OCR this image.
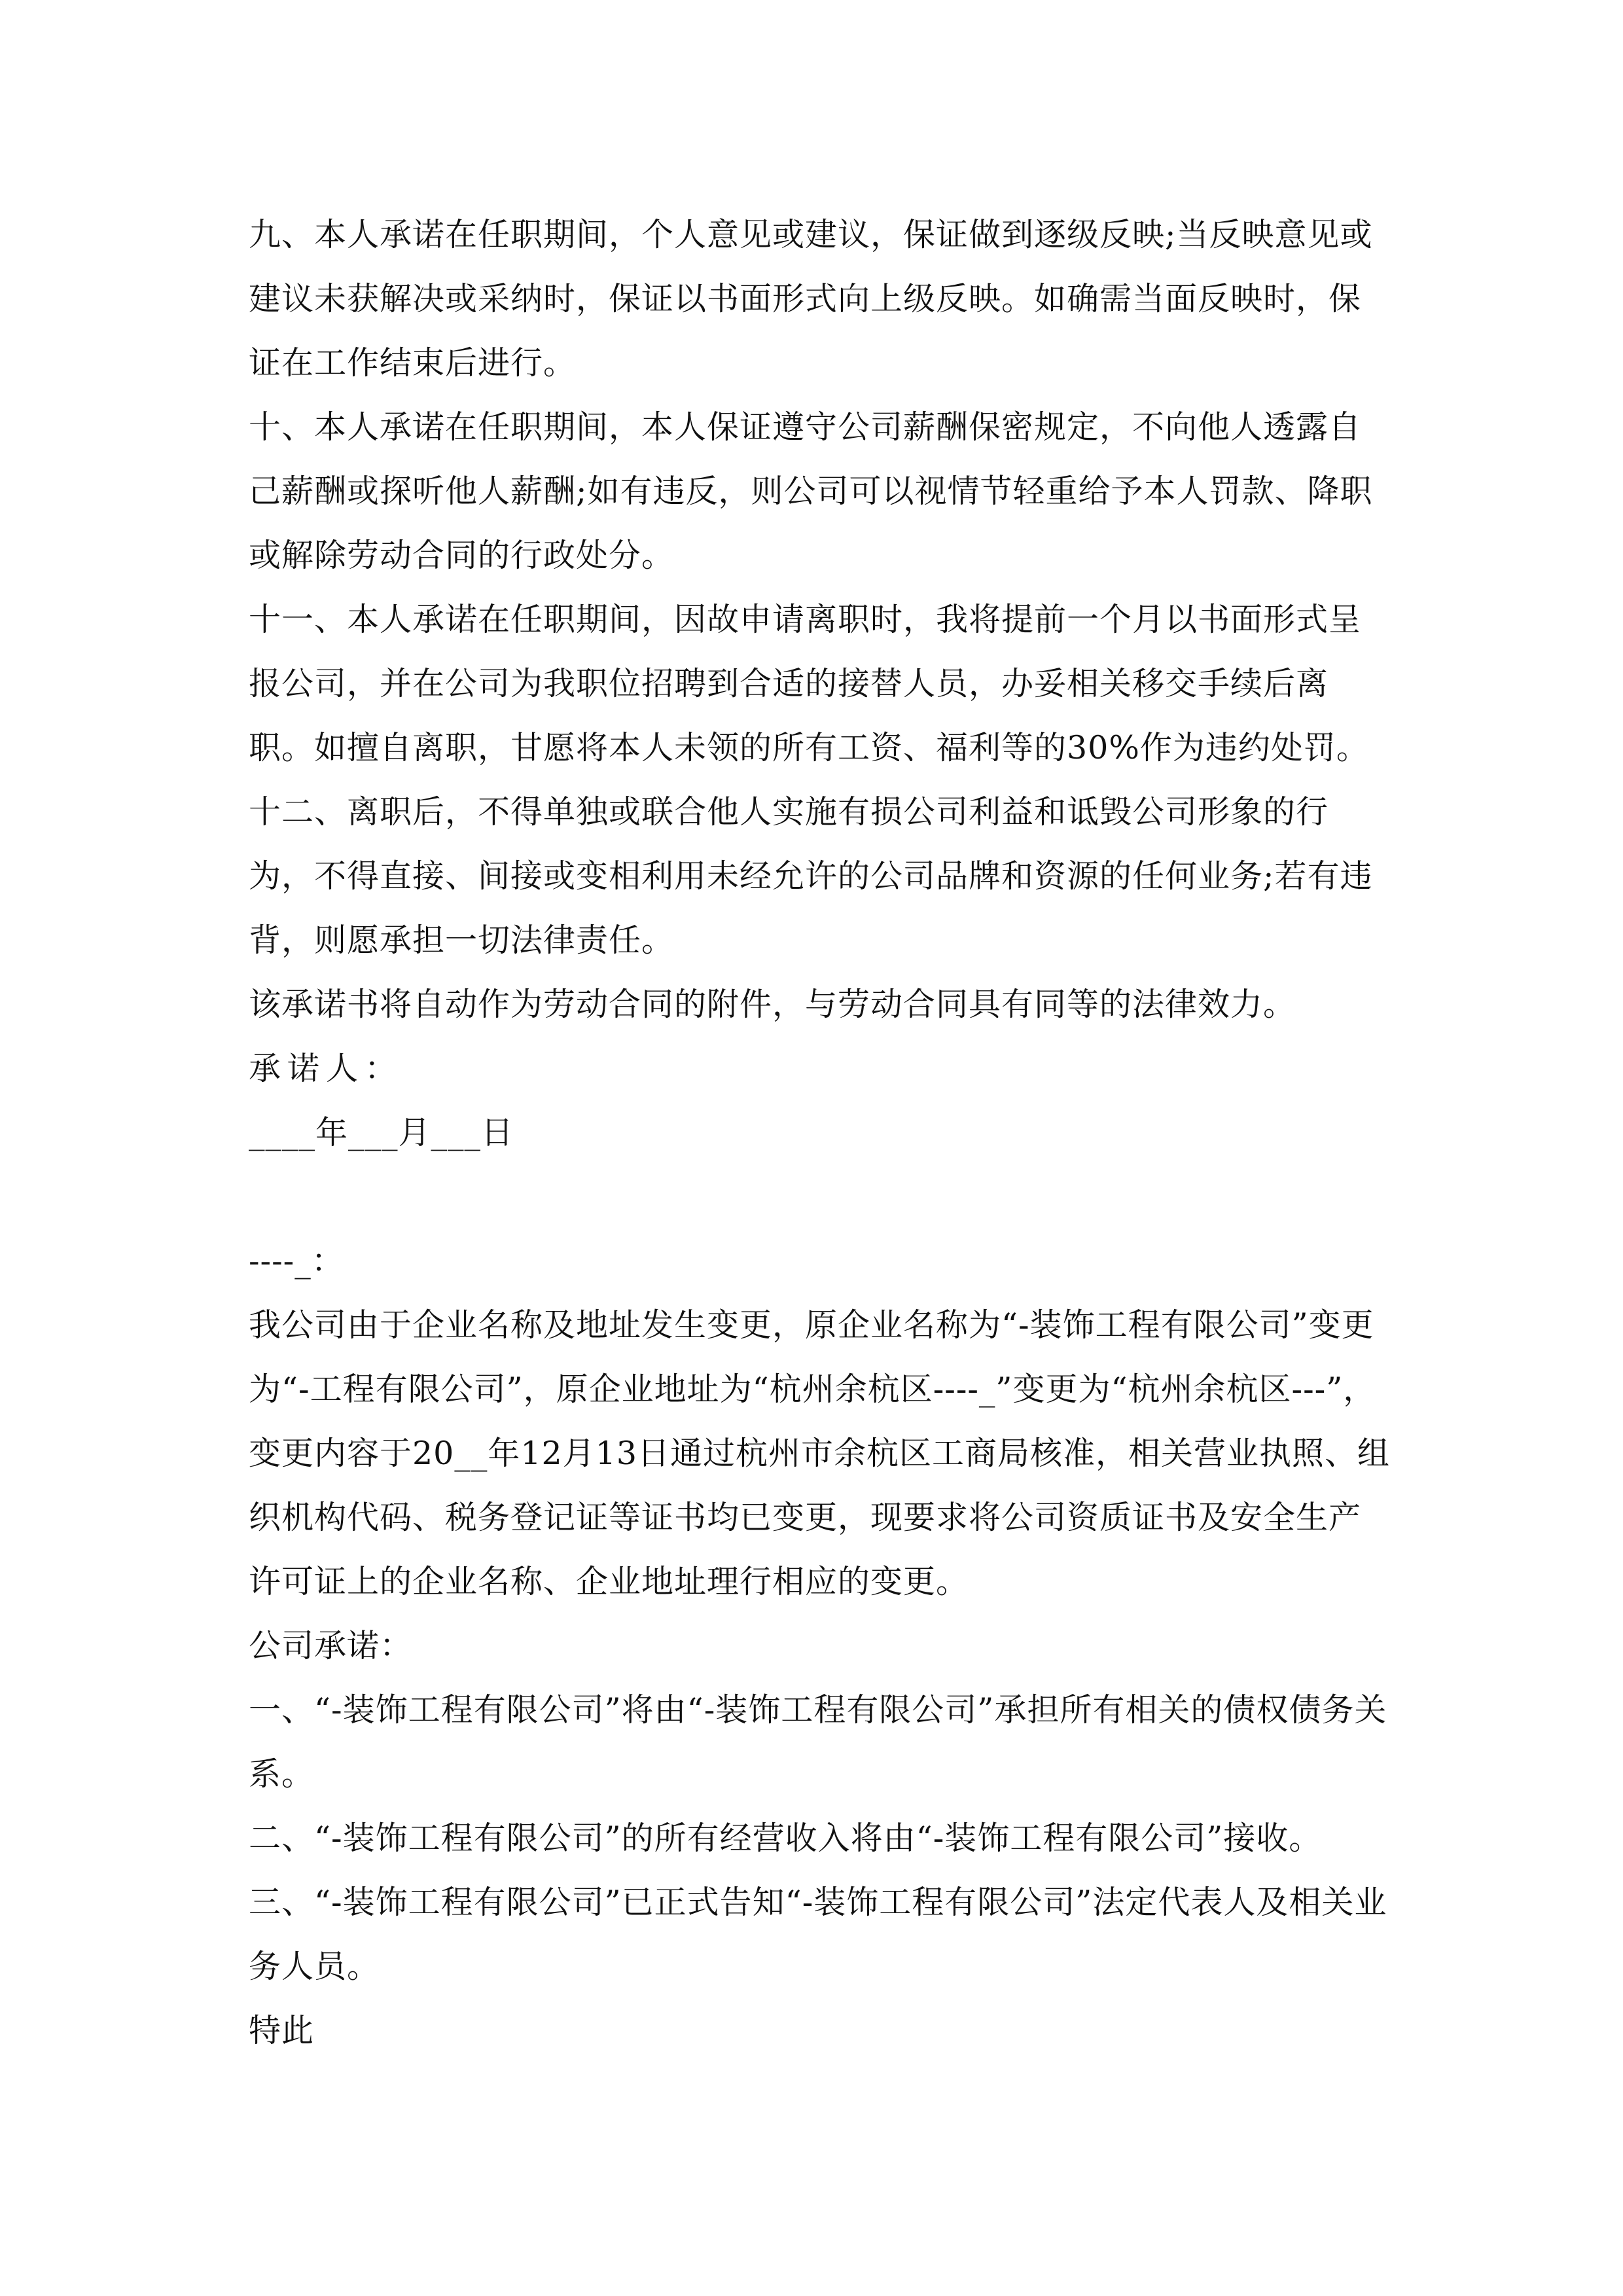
九、本人承诺在任职期间，个人意见或建议，保证做到逐级反映;当反映意见或建议未获解决或采纳时，保证以书面形式向上级反映。如确需当面反映时，保证在工作结束后进行。

十、本人承诺在任职期间，本人保证遵守公司薪酬保密规定，不向他人透露自己薪酬或探听他人薪酬;如有违反，则公司可以视情节轻重给予本人罚款、降职或解除劳动合同的行政处分。

十一、本人承诺在任职期间，因故申请离职时，我将提前一个月以书面形式呈报公司，并在公司为我职位招聘到合适的接替人员，办妥相关移交手续后离职。如擅自离职，甘愿将本人未领的所有工资、福利等的30%作为违约处罚。

十二、离职后，不得单独或联合他人实施有损公司利益和诋毁公司形象的行为，不得直接、间接或变相利用未经允许的公司品牌和资源的任何业务;若有违背，则愿承担一切法律责任。

该承诺书将自动作为劳动合同的附件，与劳动合同具有同等的法律效力。

承诺人：

____年___月___日

----_：

我公司由于企业名称及地址发生变更，原企业名称为“-装饰工程有限公司”变更为“-工程有限公司”，原企业地址为“杭州余杭区----_”变更为“杭州余杭区---”，变更内容于20__年12月13日通过杭州市余杭区工商局核准，相关营业执照、组织机构代码、税务登记证等证书均已变更，现要求将公司资质证书及安全生产许可证上的企业名称、企业地址理行相应的变更。

公司承诺：

一、“-装饰工程有限公司”将由“-装饰工程有限公司”承担所有相关的债权债务关系。

二、“-装饰工程有限公司”的所有经营收入将由“-装饰工程有限公司”接收。

三、“-装饰工程有限公司”已正式告知“-装饰工程有限公司”法定代表人及相关业务人员。

特此
